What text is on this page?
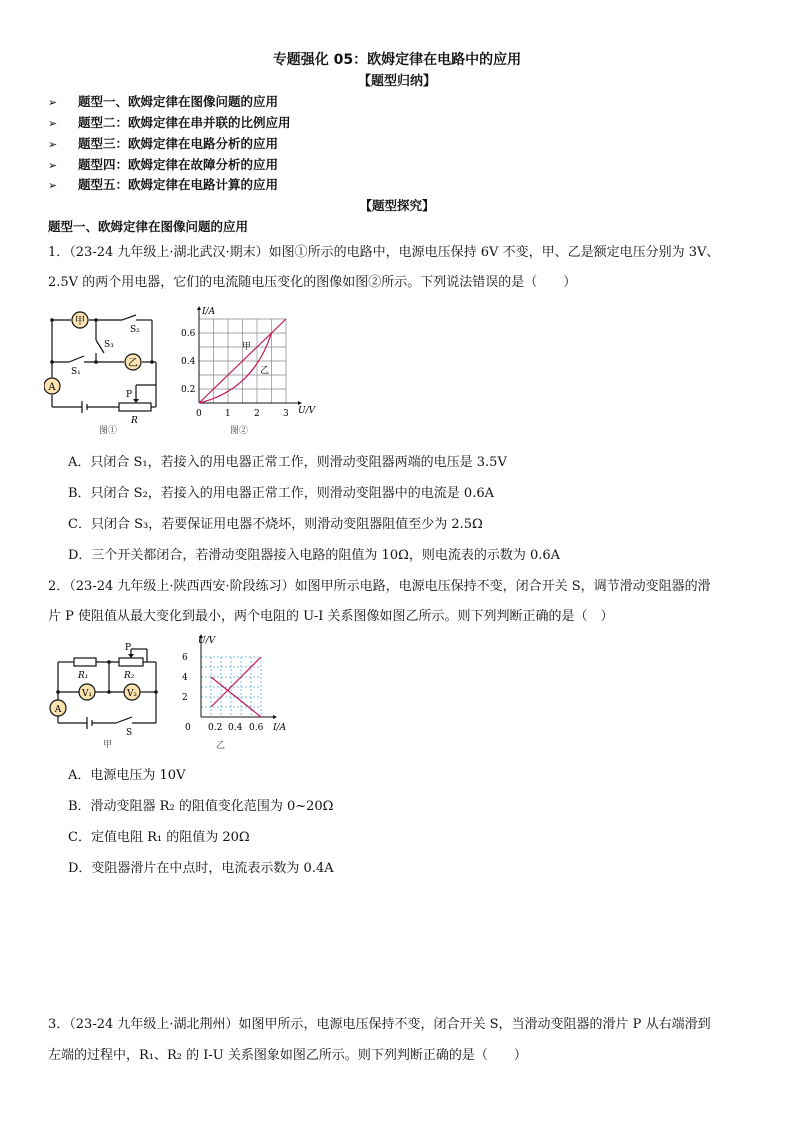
专题强化 05：欧姆定律在电路中的应用
【题型归纳】
➢ 题型一、欧姆定律在图像问题的应用
➢ 题型二：欧姆定律在串并联的比例应用
➢ 题型三：欧姆定律在电路分析的应用
➢ 题型四：欧姆定律在故障分析的应用
➢ 题型五：欧姆定律在电路计算的应用
【题型探究】
题型一、欧姆定律在图像问题的应用
1．（23-24 九年级上·湖北武汉·期末）如图①所示的电路中，电源电压保持 6V 不变，甲、乙是额定电压分别为 3V、
2.5V 的两个用电器，它们的电流随电压变化的图像如图②所示。下列说法错误的是（　　）
甲
乙
A
S₂
S₃
S₁
P
R
图①
I/A
U/V
0.6
0.4
0.2
0	1	2	3
甲
乙
图②
A．只闭合 S₁，若接入的用电器正常工作，则滑动变阻器两端的电压是 3.5V
B．只闭合 S₂，若接入的用电器正常工作，则滑动变阻器中的电流是 0.6A
C．只闭合 S₃，若要保证用电器不烧坏，则滑动变阻器阻值至少为 2.5Ω
D．三个开关都闭合，若滑动变阻器接入电路的阻值为 10Ω，则电流表的示数为 0.6A
2．（23-24 九年级上·陕西西安·阶段练习）如图甲所示电路，电源电压保持不变，闭合开关 S，调节滑动变阻器的滑
片 P 使阻值从最大变化到最小，两个电阻的 U-I 关系图像如图乙所示。则下列判断正确的是（　）
V₁	V₂
A
P
R₁	R₂
S
甲
U/V
I/A
6
4
2
0 0.2 0.4 0.6
乙
A．电源电压为 10V
B．滑动变阻器 R₂ 的阻值变化范围为 0~20Ω
C．定值电阻 R₁ 的阻值为 20Ω
D．变阻器滑片在中点时，电流表示数为 0.4A
3．（23-24 九年级上·湖北荆州）如图甲所示，电源电压保持不变，闭合开关 S，当滑动变阻器的滑片 P 从右端滑到
左端的过程中，R₁、R₂ 的 I-U 关系图象如图乙所示。则下列判断正确的是（　　）
